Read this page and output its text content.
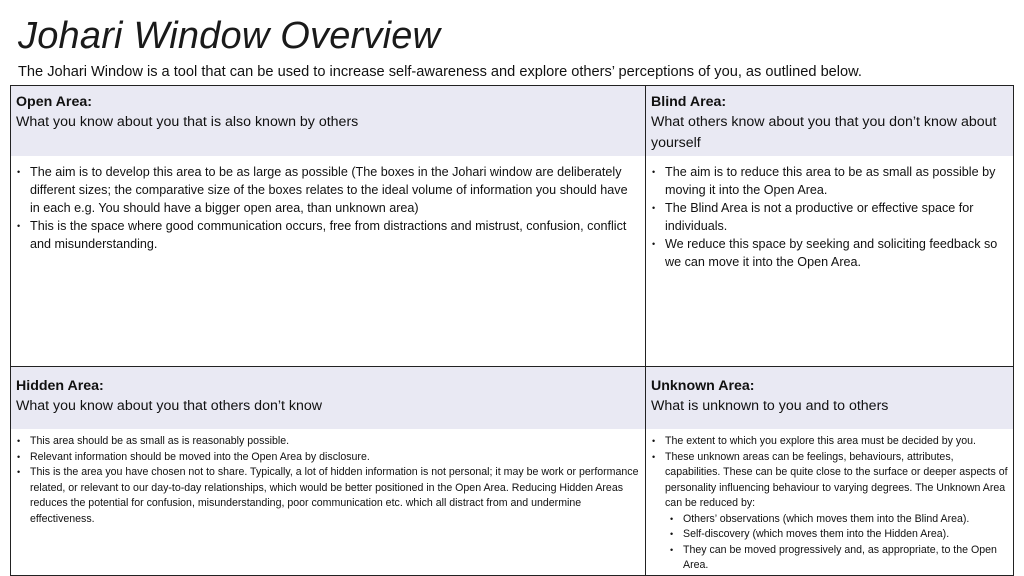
Johari Window Overview

The Johari Window is a tool that can be used to increase self-awareness and explore others’ perceptions of you, as outlined below.

Open Area:

What you know about you that is also known by others

• The aim is to develop this area to be as large as possible (The boxes in the Johari window are deliberately different sizes; the comparative size of the boxes relates to the ideal volume of information you should have in each e.g. You should have a bigger open area, than unknown area)
• This is the space where good communication occurs, free from distractions and mistrust, confusion, conflict and misunderstanding.

Blind Area:

What others know about you that you don’t know about yourself

• The aim is to reduce this area to be as small as possible by moving it into the Open Area.
• The Blind Area is not a productive or effective space for individuals.
• We reduce this space by seeking and soliciting feedback so we can move it into the Open Area.

Hidden Area:

What you know about you that others don’t know

• This area should be as small as is reasonably possible.
• Relevant information should be moved into the Open Area by disclosure.
• This is the area you have chosen not to share. Typically, a lot of hidden information is not personal; it may be work or performance related, or relevant to our day-to-day relationships, which would be better positioned in the Open Area. Reducing Hidden Areas reduces the potential for confusion, misunderstanding, poor communication etc. which all distract from and undermine effectiveness.

Unknown Area:

What is unknown to you and to others

• The extent to which you explore this area must be decided by you.
• These unknown areas can be feelings, behaviours, attributes, capabilities. These can be quite close to the surface or deeper aspects of personality influencing behaviour to varying degrees. The Unknown Area can be reduced by:
• Others’ observations (which moves them into the Blind Area).
• Self-discovery (which moves them into the Hidden Area).
• They can be moved progressively and, as appropriate, to the Open Area.
